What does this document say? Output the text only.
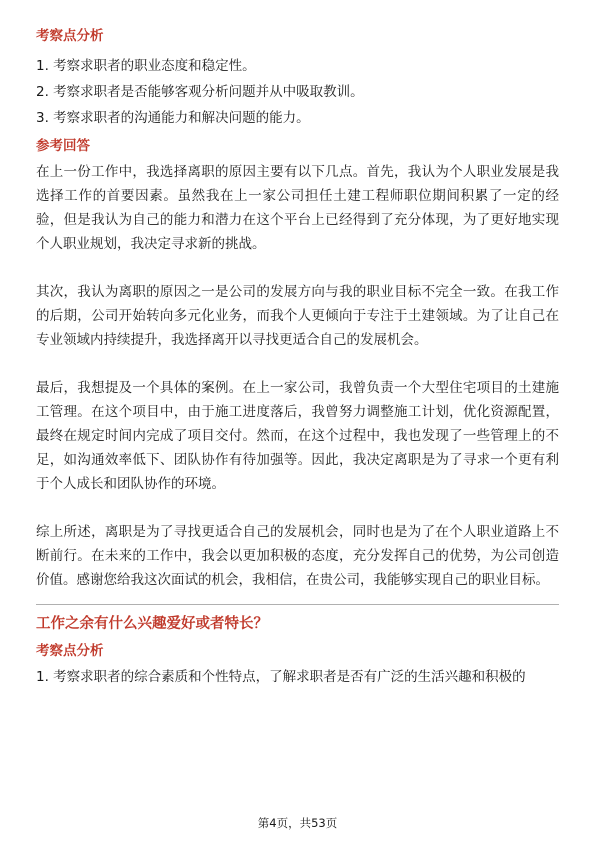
考察点分析

1. 考察求职者的职业态度和稳定性。

2. 考察求职者是否能够客观分析问题并从中吸取教训。

3. 考察求职者的沟通能力和解决问题的能力。

参考回答

在上一份工作中，我选择离职的原因主要有以下几点。首先，我认为个人职业发展是我选择工作的首要因素。虽然我在上一家公司担任土建工程师职位期间积累了一定的经验，但是我认为自己的能力和潜力在这个平台上已经得到了充分体现，为了更好地实现个人职业规划，我决定寻求新的挑战。

其次，我认为离职的原因之一是公司的发展方向与我的职业目标不完全一致。在我工作的后期，公司开始转向多元化业务，而我个人更倾向于专注于土建领域。为了让自己在专业领域内持续提升，我选择离开以寻找更适合自己的发展机会。

最后，我想提及一个具体的案例。在上一家公司，我曾负责一个大型住宅项目的土建施工管理。在这个项目中，由于施工进度落后，我曾努力调整施工计划，优化资源配置，最终在规定时间内完成了项目交付。然而，在这个过程中，我也发现了一些管理上的不足，如沟通效率低下、团队协作有待加强等。因此，我决定离职是为了寻求一个更有利于个人成长和团队协作的环境。

综上所述，离职是为了寻找更适合自己的发展机会，同时也是为了在个人职业道路上不断前行。在未来的工作中，我会以更加积极的态度，充分发挥自己的优势，为公司创造价值。感谢您给我这次面试的机会，我相信，在贵公司，我能够实现自己的职业目标。

工作之余有什么兴趣爱好或者特长？

考察点分析

1. 考察求职者的综合素质和个性特点，了解求职者是否有广泛的生活兴趣和积极的

第4页，共53页
